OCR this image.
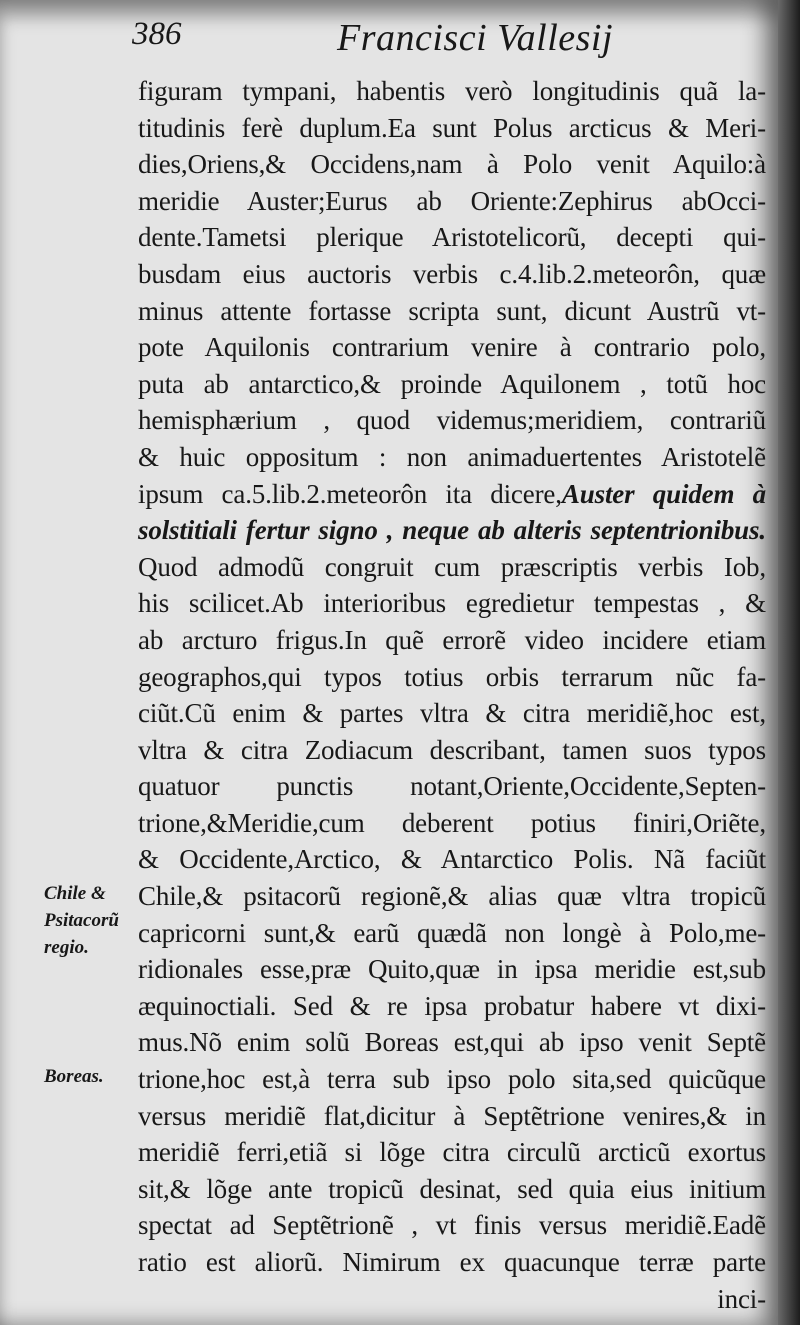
386	Francisci Vallesij
figuram tympani, habentis verò longitudinis quã la-
titudinis ferè duplum.Ea sunt Polus arcticus & Meri-
dies,Oriens,& Occidens,nam à Polo venit Aquilo:à
meridie Auster;Eurus ab Oriente:Zephirus abOcci-
dente.Tametsi plerique Aristotelicorũ, decepti qui-
busdam eius auctoris verbis c.4.lib.2.meteorôn, quæ
minus attente fortasse scripta sunt, dicunt Austrũ vt-
pote Aquilonis contrarium venire à contrario polo,
puta ab antarctico,& proinde Aquilonem , totũ hoc
hemisphærium , quod videmus;meridiem, contrariũ
& huic oppositum : non animaduertentes Aristotelẽ
ipsum ca.5.lib.2.meteorôn ita dicere,Auster quidem à
solstitiali fertur signo , neque ab alteris septentrionibus.
Quod admodũ congruit cum præscriptis verbis Iob,
his scilicet.Ab interioribus egredietur tempestas , &
ab arcturo frigus.In quẽ errorẽ video incidere etiam
geographos,qui typos totius orbis terrarum nũc fa-
ciũt.Cũ enim & partes vltra & citra meridiẽ,hoc est,
vltra & citra Zodiacum describant, tamen suos typos
quatuor punctis notant,Oriente,Occidente,Septen-
trione,&Meridie,cum deberent potius finiri,Oriẽte,
& Occidente,Arctico, & Antarctico Polis. Nã faciũt
Chile,& psitacorũ regionẽ,& alias quæ vltra tropicũ
capricorni sunt,& earũ quædã non longè à Polo,me-
ridionales esse,præ Quito,quæ in ipsa meridie est,sub
æquinoctiali. Sed & re ipsa probatur habere vt dixi-
mus.Nõ enim solũ Boreas est,qui ab ipso venit Septẽ
trione,hoc est,à terra sub ipso polo sita,sed quicũque
versus meridiẽ flat,dicitur à Septẽtrione venires,& in
meridiẽ ferri,etiã si lõge citra circulũ arcticũ exortus
sit,& lõge ante tropicũ desinat, sed quia eius initium
spectat ad Septẽtrionẽ , vt finis versus meridiẽ.Eadẽ
ratio est aliorũ. Nimirum ex quacunque terræ parte
inci-
Chile &
Psitacorũ
regio.
Boreas.
